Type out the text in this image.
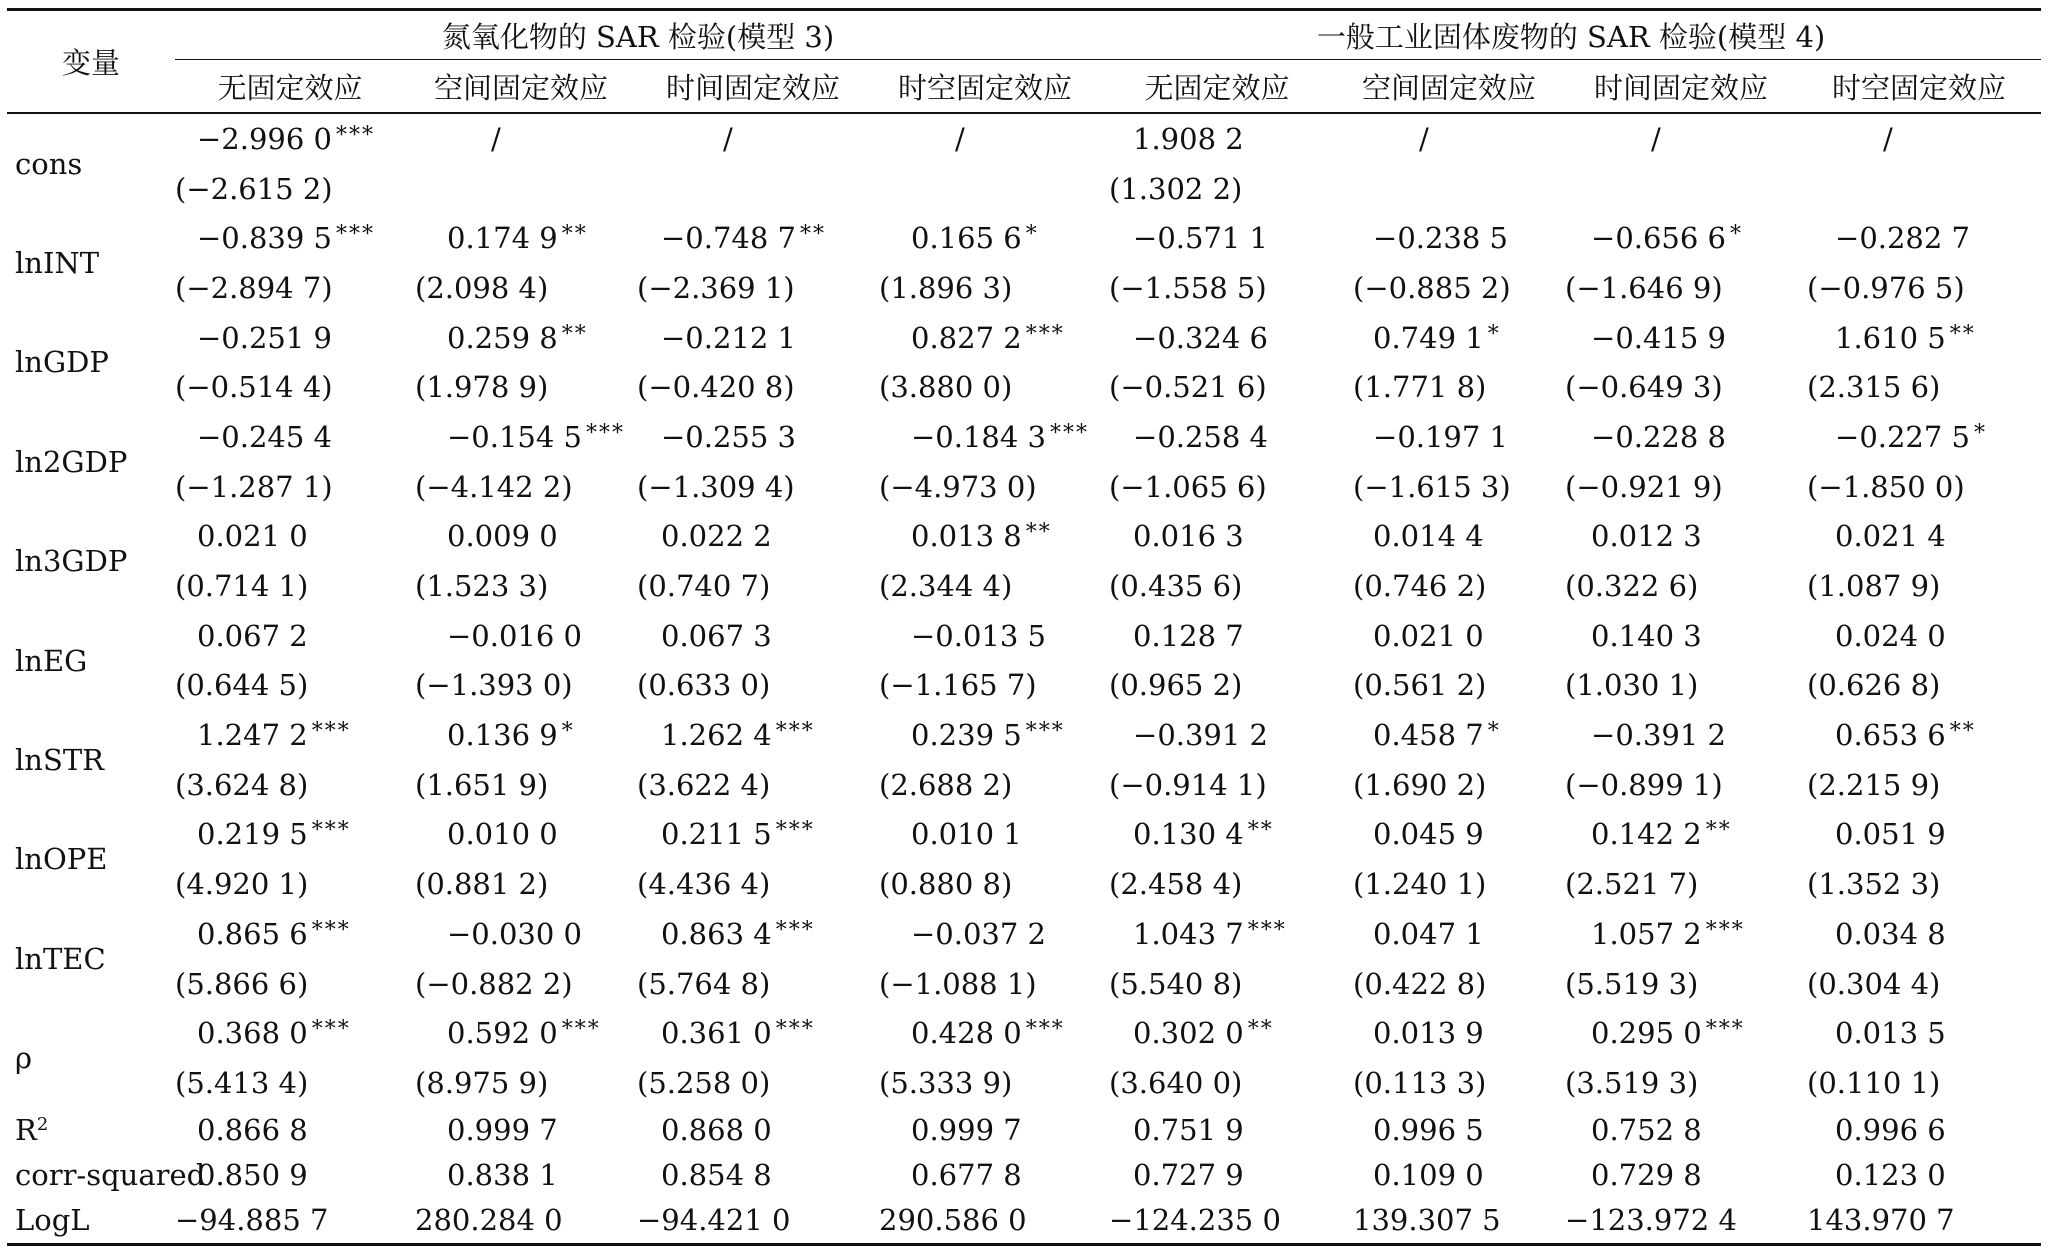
变量	氮氧化物的 SAR 检验(模型 3)				一般工业固体废物的 SAR 检验(模型 4)			
	无固定效应	空间固定效应	时间固定效应	时空固定效应	无固定效应	空间固定效应	时间固定效应	时空固定效应
cons	−2.996 0 ***	/	/	/	1.908 2	/	/	/
	(−2.615 2)				(1.302 2)			
lnINT	−0.839 5 ***	0.174 9 **	−0.748 7 **	0.165 6 *	−0.571 1	−0.238 5	−0.656 6 *	−0.282 7
	(−2.894 7)	(2.098 4)	(−2.369 1)	(1.896 3)	(−1.558 5)	(−0.885 2)	(−1.646 9)	(−0.976 5)
lnGDP	−0.251 9	0.259 8 **	−0.212 1	0.827 2 ***	−0.324 6	0.749 1 *	−0.415 9	1.610 5 **
	(−0.514 4)	(1.978 9)	(−0.420 8)	(3.880 0)	(−0.521 6)	(1.771 8)	(−0.649 3)	(2.315 6)
ln2GDP	−0.245 4	−0.154 5 ***	−0.255 3	−0.184 3 ***	−0.258 4	−0.197 1	−0.228 8	−0.227 5 *
	(−1.287 1)	(−4.142 2)	(−1.309 4)	(−4.973 0)	(−1.065 6)	(−1.615 3)	(−0.921 9)	(−1.850 0)
ln3GDP	0.021 0	0.009 0	0.022 2	0.013 8 **	0.016 3	0.014 4	0.012 3	0.021 4
	(0.714 1)	(1.523 3)	(0.740 7)	(2.344 4)	(0.435 6)	(0.746 2)	(0.322 6)	(1.087 9)
lnEG	0.067 2	−0.016 0	0.067 3	−0.013 5	0.128 7	0.021 0	0.140 3	0.024 0
	(0.644 5)	(−1.393 0)	(0.633 0)	(−1.165 7)	(0.965 2)	(0.561 2)	(1.030 1)	(0.626 8)
lnSTR	1.247 2 ***	0.136 9 *	1.262 4 ***	0.239 5 ***	−0.391 2	0.458 7 *	−0.391 2	0.653 6 **
	(3.624 8)	(1.651 9)	(3.622 4)	(2.688 2)	(−0.914 1)	(1.690 2)	(−0.899 1)	(2.215 9)
lnOPE	0.219 5 ***	0.010 0	0.211 5 ***	0.010 1	0.130 4 **	0.045 9	0.142 2 **	0.051 9
	(4.920 1)	(0.881 2)	(4.436 4)	(0.880 8)	(2.458 4)	(1.240 1)	(2.521 7)	(1.352 3)
lnTEC	0.865 6 ***	−0.030 0	0.863 4 ***	−0.037 2	1.043 7 ***	0.047 1	1.057 2 ***	0.034 8
	(5.866 6)	(−0.882 2)	(5.764 8)	(−1.088 1)	(5.540 8)	(0.422 8)	(5.519 3)	(0.304 4)
ρ	0.368 0 ***	0.592 0 ***	0.361 0 ***	0.428 0 ***	0.302 0 **	0.013 9	0.295 0 ***	0.013 5
	(5.413 4)	(8.975 9)	(5.258 0)	(5.333 9)	(3.640 0)	(0.113 3)	(3.519 3)	(0.110 1)
$R^2$	0.866 8	0.999 7	0.868 0	0.999 7	0.751 9	0.996 5	0.752 8	0.996 6
corr-squared	0.850 9	0.838 1	0.854 8	0.677 8	0.727 9	0.109 0	0.729 8	0.123 0
LogL	−94.885 7	280.284 0	−94.421 0	290.586 0	−124.235 0	139.307 5	−123.972 4	143.970 7
